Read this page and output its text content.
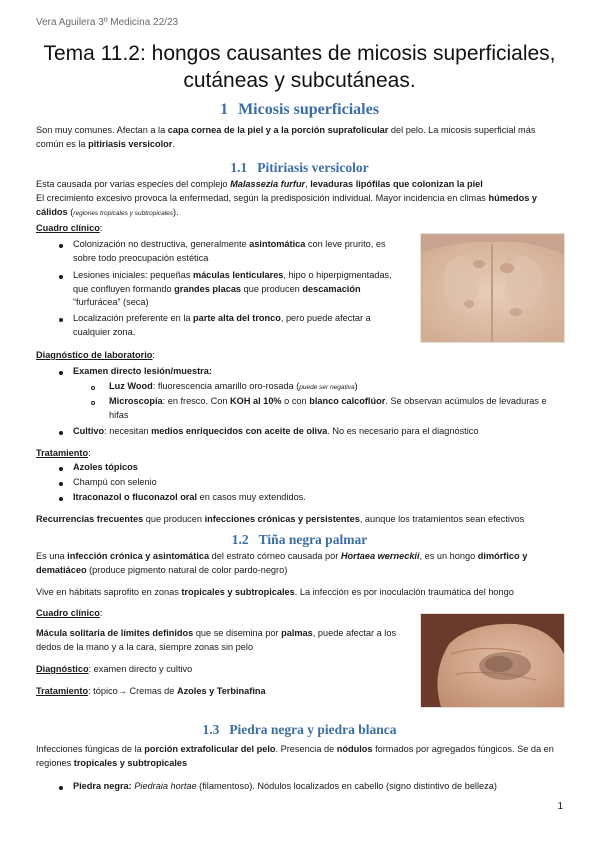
Vera Aguilera 3º Medicina 22/23
Tema 11.2: hongos causantes de micosis superficiales, cutáneas y subcutáneas.
1 Micosis superficiales
Son muy comunes. Afectan a la capa cornea de la piel y a la porción suprafolicular del pelo. La micosis superficial más común es la pitiriasis versicolor.
1.1 Pitiriasis versicolor
Esta causada por varias especies del complejo Malassezia furfur, levaduras lipófilas que colonizan la piel
El crecimiento excesivo provoca la enfermedad, según la predisposición individual. Mayor incidencia en climas húmedos y cálidos (regiones tropicales y subtropicales).
Cuadro clínico:
Colonización no destructiva, generalmente asintomática con leve prurito, es sobre todo preocupación estética
Lesiones iniciales: pequeñas máculas lenticulares, hipo o hiperpigmentadas, que confluyen formando grandes placas que producen descamación “furfurácea” (seca)
Localización preferente en la parte alta del tronco, pero puede afectar a cualquier zona.
Diagnóstico de laboratorio:
Examen directo lesión/muestra:
Luz Wood: fluorescencia amarillo oro-rosada (puede ser negativa)
Microscopía: en fresco. Con KOH al 10% o con blanco calcoflúor. Se observan acúmulos de levaduras e hifas
Cultivo: necesitan medios enriquecidos con aceite de oliva. No es necesario para el diagnóstico
Tratamiento:
Azoles tópicos
Champú con selenio
Itraconazol o fluconazol oral en casos muy extendidos.
Recurrencias frecuentes que producen infecciones crónicas y persistentes, aunque los tratamientos sean efectivos
1.2 Tiña negra palmar
Es una infección crónica y asintomática del estrato córneo causada por Hortaea werneckii, es un hongo dimórfico y dematiáceo (produce pigmento natural de color pardo-negro)
Vive en hábitats saprofito en zonas tropicales y subtropicales. La infección es por inoculación traumática del hongo
Cuadro clínico:
Mácula solitaria de límites definidos que se disemina por palmas, puede afectar a los dedos de la mano y a la cara, siempre zonas sin pelo
Diagnóstico: examen directo y cultivo
Tratamiento: tópico→ Cremas de Azoles y Terbinafina
1.3 Piedra negra y piedra blanca
Infecciones fúngicas de la porción extrafolicular del pelo. Presencia de nódulos formados por agregados fúngicos. Se da en regiones tropicales y subtropicales
Piedra negra: Piedraia hortae (filamentoso). Nódulos localizados en cabello (signo distintivo de belleza)
1
